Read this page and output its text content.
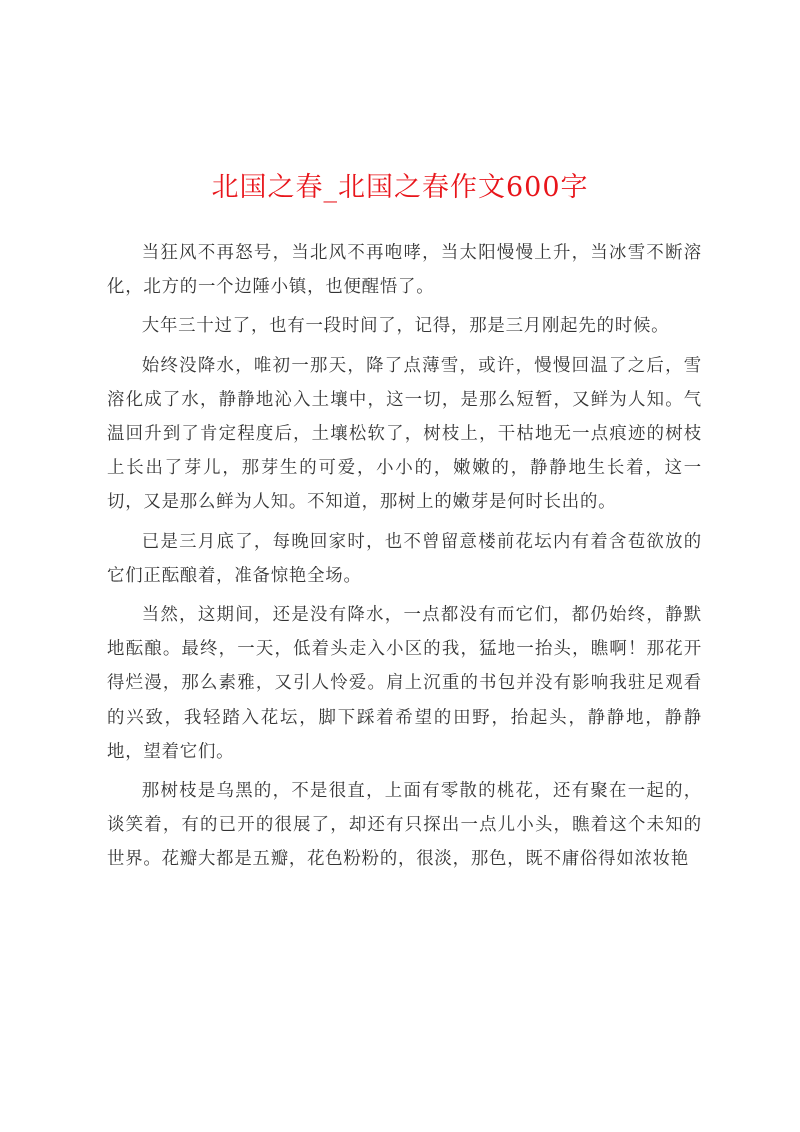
北国之春_北国之春作文600字

当狂风不再怒号，当北风不再咆哮，当太阳慢慢上升，当冰雪不断溶化，北方的一个边陲小镇，也便醒悟了。

大年三十过了，也有一段时间了，记得，那是三月刚起先的时候。

始终没降水，唯初一那天，降了点薄雪，或许，慢慢回温了之后，雪溶化成了水，静静地沁入土壤中，这一切，是那么短暂，又鲜为人知。气温回升到了肯定程度后，土壤松软了，树枝上，干枯地无一点痕迹的树枝上长出了芽儿，那芽生的可爱，小小的，嫩嫩的，静静地生长着，这一切，又是那么鲜为人知。不知道，那树上的嫩芽是何时长出的。

已是三月底了，每晚回家时，也不曾留意楼前花坛内有着含苞欲放的它们正酝酿着，准备惊艳全场。

当然，这期间，还是没有降水，一点都没有而它们，都仍始终，静默地酝酿。最终，一天，低着头走入小区的我，猛地一抬头，瞧啊！那花开得烂漫，那么素雅，又引人怜爱。肩上沉重的书包并没有影响我驻足观看的兴致，我轻踏入花坛，脚下踩着希望的田野，抬起头，静静地，静静地，望着它们。

那树枝是乌黑的，不是很直，上面有零散的桃花，还有聚在一起的，谈笑着，有的已开的很展了，却还有只探出一点儿小头，瞧着这个未知的世界。花瓣大都是五瓣，花色粉粉的，很淡，那色，既不庸俗得如浓妆艳
